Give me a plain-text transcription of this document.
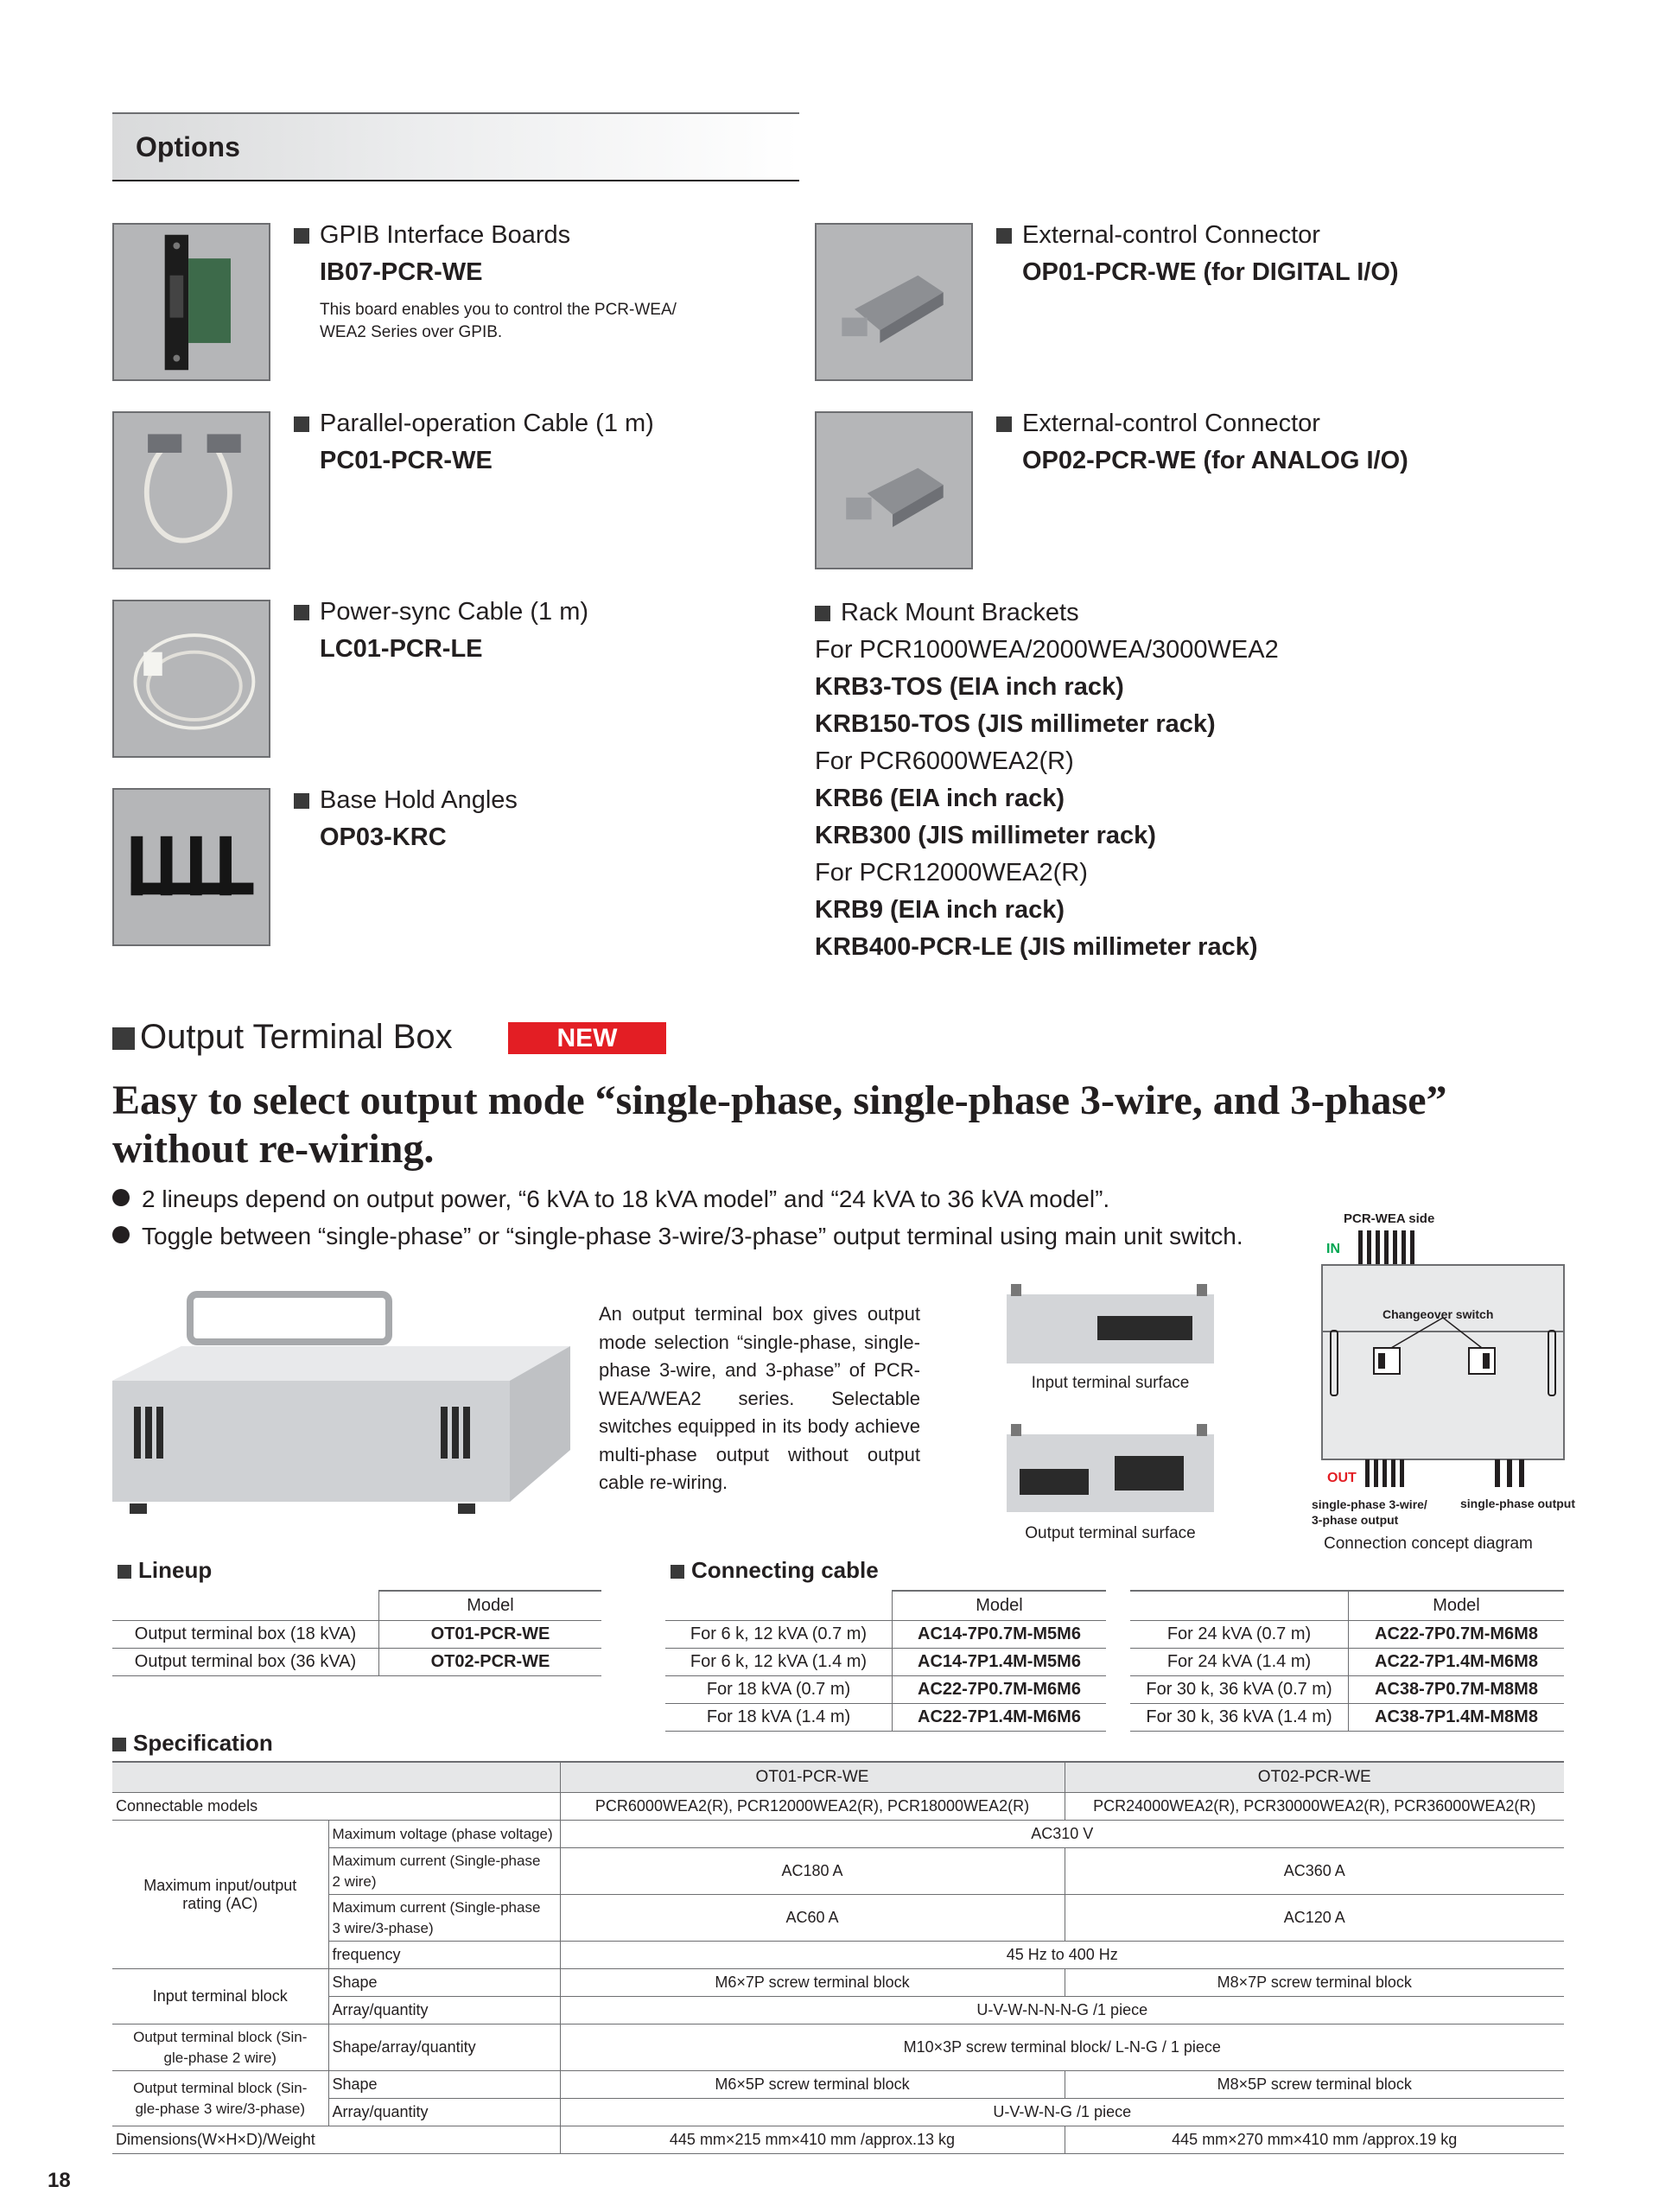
Options
GPIB Interface Boards
IB07-PCR-WE
This board enables you to control the PCR-WEA/ WEA2 Series over GPIB.
External-control Connector
OP01-PCR-WE (for DIGITAL I/O)
Parallel-operation Cable (1 m)
PC01-PCR-WE
External-control Connector
OP02-PCR-WE (for ANALOG I/O)
Power-sync Cable (1 m)
LC01-PCR-LE
Base Hold Angles
OP03-KRC
Rack Mount Brackets
For PCR1000WEA/2000WEA/3000WEA2
KRB3-TOS (EIA inch rack)
KRB150-TOS (JIS millimeter rack)
For PCR6000WEA2(R)
KRB6 (EIA inch rack)
KRB300 (JIS millimeter rack)
For PCR12000WEA2(R)
KRB9 (EIA inch rack)
KRB400-PCR-LE (JIS millimeter rack)
Output Terminal Box	NEW
Easy to select output mode “single-phase, single-phase 3-wire, and 3-phase”
without re-wiring.
2 lineups depend on output power, “6 kVA to 18 kVA model” and “24 kVA to 36 kVA model”.
Toggle between “single-phase” or “single-phase 3-wire/3-phase” output terminal using main unit switch.
An output terminal box gives output mode selection “single-phase, single-phase 3-wire, and 3-phase” of PCR-WEA/WEA2 series. Selectable switches equipped in its body achieve multi-phase output without output cable re-wiring.
Input terminal surface
Output terminal surface
PCR-WEA side
IN
Changeover switch
OUT
single-phase 3-wire/
3-phase output
single-phase output
Connection concept diagram
Lineup
	Model
Output terminal box (18 kVA)	OT01-PCR-WE
Output terminal box (36 kVA)	OT02-PCR-WE
Connecting cable
	Model
For 6 k, 12 kVA (0.7 m)	AC14-7P0.7M-M5M6
For 6 k, 12 kVA (1.4 m)	AC14-7P1.4M-M5M6
For 18 kVA (0.7 m)	AC22-7P0.7M-M6M6
For 18 kVA (1.4 m)	AC22-7P1.4M-M6M6
	Model
For 24 kVA (0.7 m)	AC22-7P0.7M-M6M8
For 24 kVA (1.4 m)	AC22-7P1.4M-M6M8
For 30 k, 36 kVA (0.7 m)	AC38-7P0.7M-M8M8
For 30 k, 36 kVA (1.4 m)	AC38-7P1.4M-M8M8
Specification
		OT01-PCR-WE	OT02-PCR-WE
Connectable models		PCR6000WEA2(R), PCR12000WEA2(R), PCR18000WEA2(R)	PCR24000WEA2(R), PCR30000WEA2(R), PCR36000WEA2(R)

Maximum input/output
rating (AC)	Maximum voltage (phase voltage)	AC310 V	

	Maximum current (Single-phase
2 wire)	AC180 A	AC360 A

	Maximum current (Single-phase
3 wire/3-phase)	AC60 A	AC120 A
	frequency	45 Hz to 400 Hz	
Input terminal block	Shape	M6×7P screw terminal block	M8×7P screw terminal block
	Array/quantity	U-V-W-N-N-N-G /1 piece	

Output terminal block (Sin-
gle-phase 2 wire)	Shape/array/quantity	M10×3P screw terminal block/ L-N-G / 1 piece	

Output terminal block (Sin-
gle-phase 3 wire/3-phase)	Shape	M6×5P screw terminal block	M8×5P screw terminal block
	Array/quantity	U-V-W-N-G /1 piece	
Dimensions(W×H×D)/Weight		445 mm×215 mm×410 mm /approx.13 kg	445 mm×270 mm×410 mm /approx.19 kg
18
